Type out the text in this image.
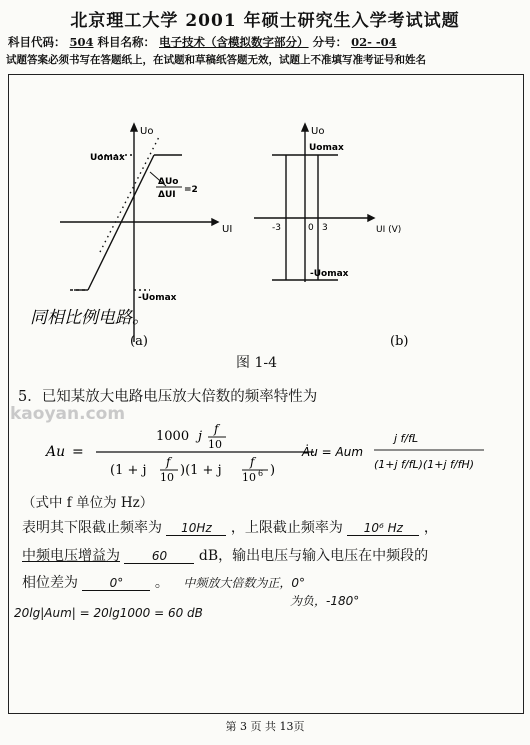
北京理工大学 2001 年硕士研究生入学考试试题
科目代码： 504 科目名称： 电子技术（含模拟数字部分） 分号： 02- -04
试题答案必须书写在答题纸上，在试题和草稿纸答题无效，试题上不准填写准考证号和姓名
Uo
UI
Uomax
-Uomax
ΔUo
ΔUI =2
Uo
UI (V)
Uomax
-Uomax
-3	0 3
同相比例电路。
(a)	(b)
图 1-4
kaoyan.com
5．已知某放大电路电压放大倍数的频率特性为
Au =
1000 j f
10
(1 + j
f
10 )(1 + j
f
10 6 )
Ȧu = Aum
j f/fL
(1+j f/fL)(1+j f/fH)
（式中 f 单位为 Hz）
表明其下限截止频率为 10Hz ，上限截止频率为 10⁶ Hz ，
中频电压增益为	60 dB，输出电压与输入电压在中频段的
相位差为	0° 。 中频放大倍数为正，0°
为负，-180°
20lg|Aum| = 20lg1000 = 60 dB
第 3 页 共 13页
